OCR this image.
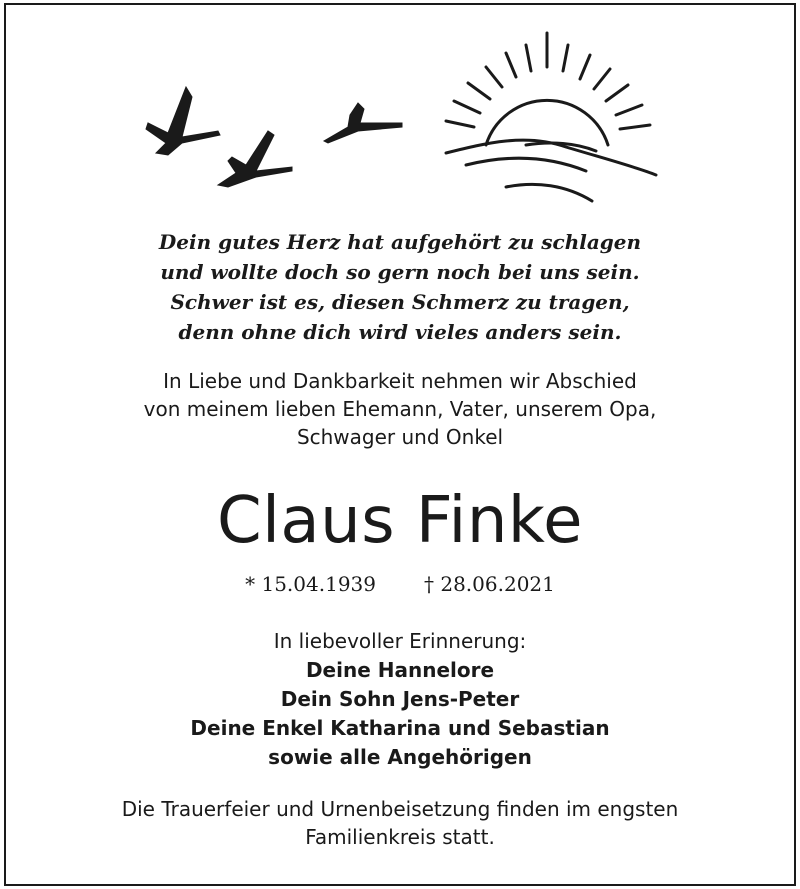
Dein gutes Herz hat aufgehört zu schlagen
und wollte doch so gern noch bei uns sein.
Schwer ist es, diesen Schmerz zu tragen,
denn ohne dich wird vieles anders sein.
In Liebe und Dankbarkeit nehmen wir Abschied
von meinem lieben Ehemann, Vater, unserem Opa,
Schwager und Onkel
Claus Finke
* 15.04.1939 † 28.06.2021
In liebevoller Erinnerung:
Deine Hannelore
Dein Sohn Jens-Peter
Deine Enkel Katharina und Sebastian
sowie alle Angehörigen
Die Trauerfeier und Urnenbeisetzung finden im engsten
Familienkreis statt.
